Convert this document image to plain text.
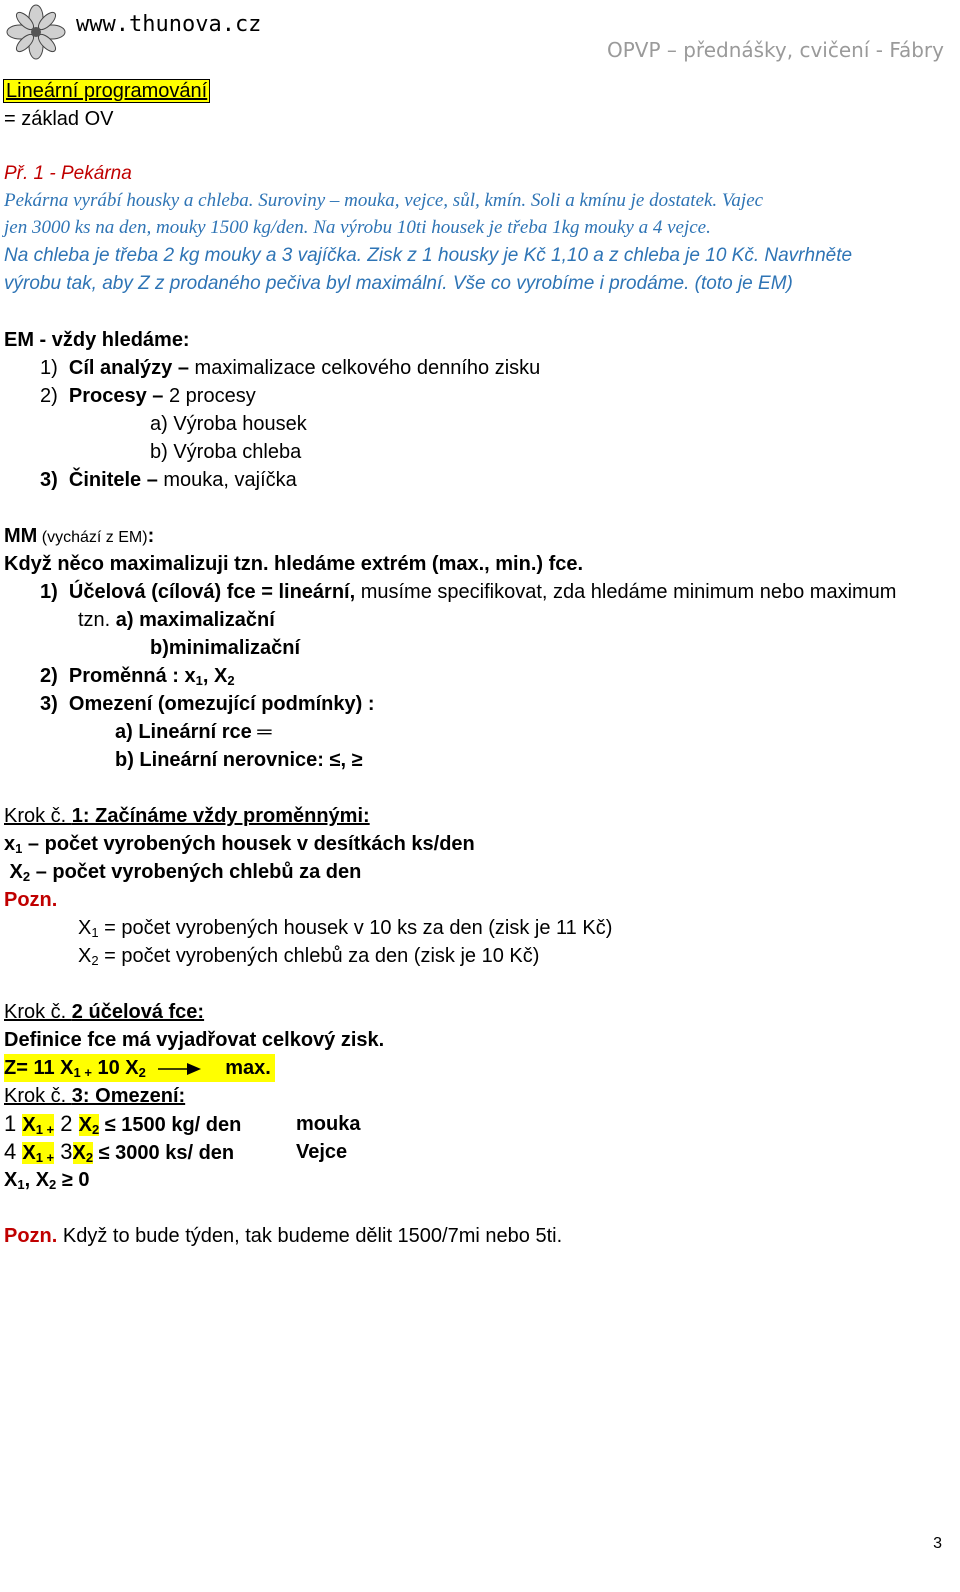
www.thunova.cz
OPVP – přednášky, cvičení - Fábry
Lineární programování
= základ OV
Př. 1 - Pekárna
Pekárna vyrábí housky a chleba. Suroviny – mouka, vejce, sůl, kmín. Soli a kmínu je dostatek. Vajec
jen 3000 ks na den, mouky 1500 kg/den. Na výrobu 10ti housek je třeba 1kg mouky a 4 vejce.
Na chleba je třeba 2 kg mouky a 3 vajíčka. Zisk z 1 housky je Kč 1,10 a z chleba je 10 Kč. Navrhněte
výrobu tak, aby Z z prodaného pečiva byl maximální. Vše co vyrobíme i prodáme. (toto je EM)
EM - vždy hledáme:
1) Cíl analýzy – maximalizace celkového denního zisku
2) Procesy – 2 procesy
a) Výroba housek
b) Výroba chleba
3) Činitele – mouka, vajíčka
MM (vychází z EM):
Když něco maximalizuji tzn. hledáme extrém (max., min.) fce.
1) Účelová (cílová) fce = lineární, musíme specifikovat, zda hledáme minimum nebo maximum
tzn. a) maximalizační
b)minimalizační
2) Proměnná : $x_1$, $X_2$
3) Omezení (omezující podmínky) :
a) Lineární rce ═
b) Lineární nerovnice: ≤, ≥
Krok č. 1: Začínáme vždy proměnnými:
$x_1$ – počet vyrobených housek v desítkách ks/den
$X_2$ – počet vyrobených chlebů za den
Pozn.
$X_1$ = počet vyrobených housek v 10 ks za den (zisk je 11 Kč)
$X_2$ = počet vyrobených chlebů za den (zisk je 10 Kč)
Krok č. 2 účelová fce:
Definice fce má vyjadřovat celkový zisk.
Z= 11 $X_{1 +}$ 10 $X_2$	max.
Krok č. 3: Omezení:
1 $X_{1 +}$ 2 $X_2 \le 1500$ kg/ den	mouka
4 $X_{1 +}$ $3X_2 \le 3000$ ks/ den	Vejce
$X_1$, $X_2 \ge 0$
Pozn. Když to bude týden, tak budeme dělit 1500/7mi nebo 5ti.
3
